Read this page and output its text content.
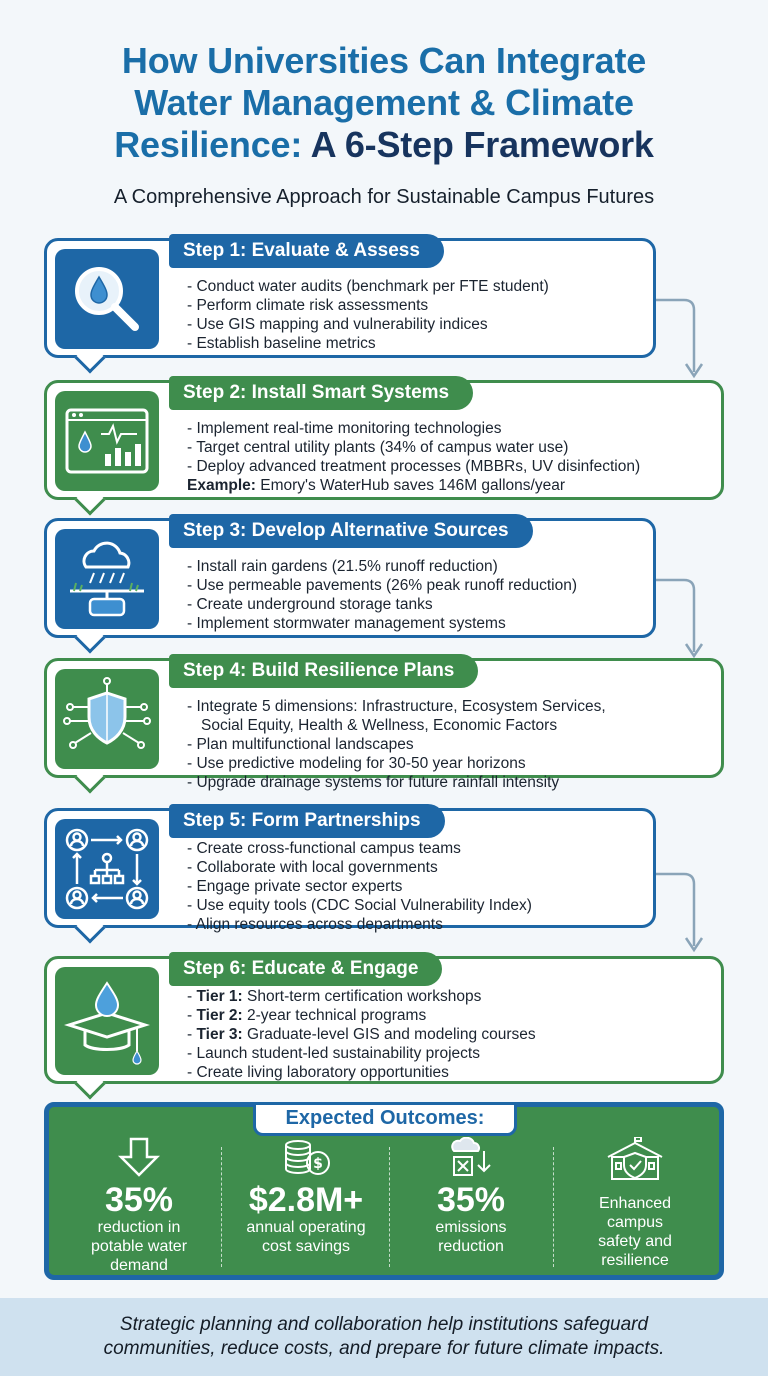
How Universities Can Integrate
Water Management & Climate
Resilience: A 6-Step Framework
A Comprehensive Approach for Sustainable Campus Futures
Step 1: Evaluate & Assess
- Conduct water audits (benchmark per FTE student)
- Perform climate risk assessments
- Use GIS mapping and vulnerability indices
- Establish baseline metrics
Step 2: Install Smart Systems
- Implement real-time monitoring technologies
- Target central utility plants (34% of campus water use)
- Deploy advanced treatment processes (MBBRs, UV disinfection)
Example: Emory's WaterHub saves 146M gallons/year
Step 3: Develop Alternative Sources
- Install rain gardens (21.5% runoff reduction)
- Use permeable pavements (26% peak runoff reduction)
- Create underground storage tanks
- Implement stormwater management systems
Step 4: Build Resilience Plans
- Integrate 5 dimensions: Infrastructure, Ecosystem Services,
Social Equity, Health & Wellness, Economic Factors
- Plan multifunctional landscapes
- Use predictive modeling for 30-50 year horizons
- Upgrade drainage systems for future rainfall intensity
Step 5: Form Partnerships
- Create cross-functional campus teams
- Collaborate with local governments
- Engage private sector experts
- Use equity tools (CDC Social Vulnerability Index)
- Align resources across departments
Step 6: Educate & Engage
- Tier 1: Short-term certification workshops
- Tier 2: 2-year technical programs
- Tier 3: Graduate-level GIS and modeling courses
- Launch student-led sustainability projects
- Create living laboratory opportunities
Expected Outcomes:
35%
reduction in
potable water
demand
$
$2.8M+
annual operating
cost savings
35%
emissions
reduction
Enhanced
campus
safety and
resilience
Strategic planning and collaboration help institutions safeguard
communities, reduce costs, and prepare for future climate impacts.
